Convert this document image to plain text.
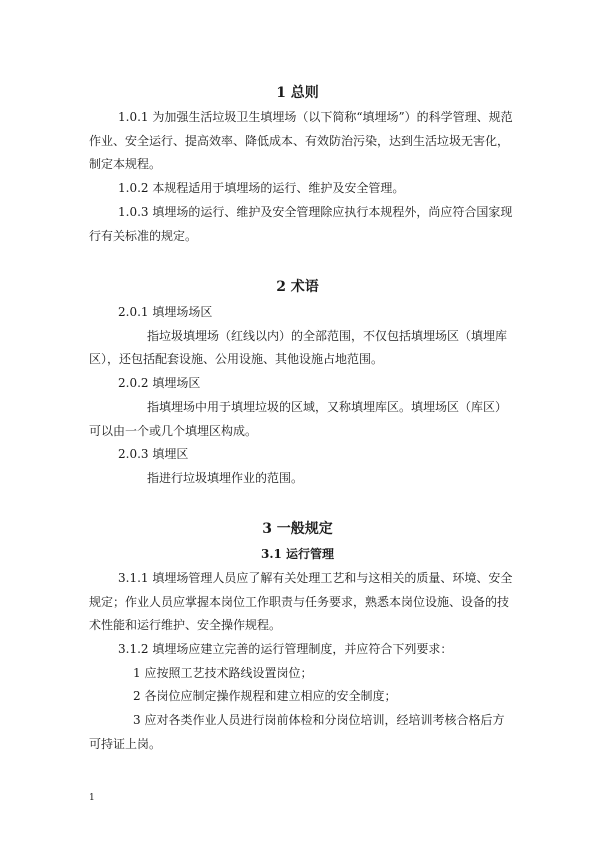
1 总则
1.0.1 为加强生活垃圾卫生填埋场（以下简称“填埋场”）的科学管理、规范
作业、安全运行、提高效率、降低成本、有效防治污染，达到生活垃圾无害化，
制定本规程。
1.0.2 本规程适用于填埋场的运行、维护及安全管理。
1.0.3 填埋场的运行、维护及安全管理除应执行本规程外，尚应符合国家现
行有关标准的规定。
2 术语
2.0.1 填埋场场区
指垃圾填埋场（红线以内）的全部范围，不仅包括填埋场区（填埋库
区），还包括配套设施、公用设施、其他设施占地范围。
2.0.2 填埋场区
指填埋场中用于填埋垃圾的区域，又称填埋库区。填埋场区（库区）
可以由一个或几个填埋区构成。
2.0.3 填埋区
指进行垃圾填埋作业的范围。
3 一般规定
3.1 运行管理
3.1.1 填埋场管理人员应了解有关处理工艺和与这相关的质量、环境、安全
规定；作业人员应掌握本岗位工作职责与任务要求，熟悉本岗位设施、设备的技
术性能和运行维护、安全操作规程。
3.1.2 填埋场应建立完善的运行管理制度，并应符合下列要求：
1 应按照工艺技术路线设置岗位；
2 各岗位应制定操作规程和建立相应的安全制度；
3 应对各类作业人员进行岗前体检和分岗位培训，经培训考核合格后方
可持证上岗。
1
